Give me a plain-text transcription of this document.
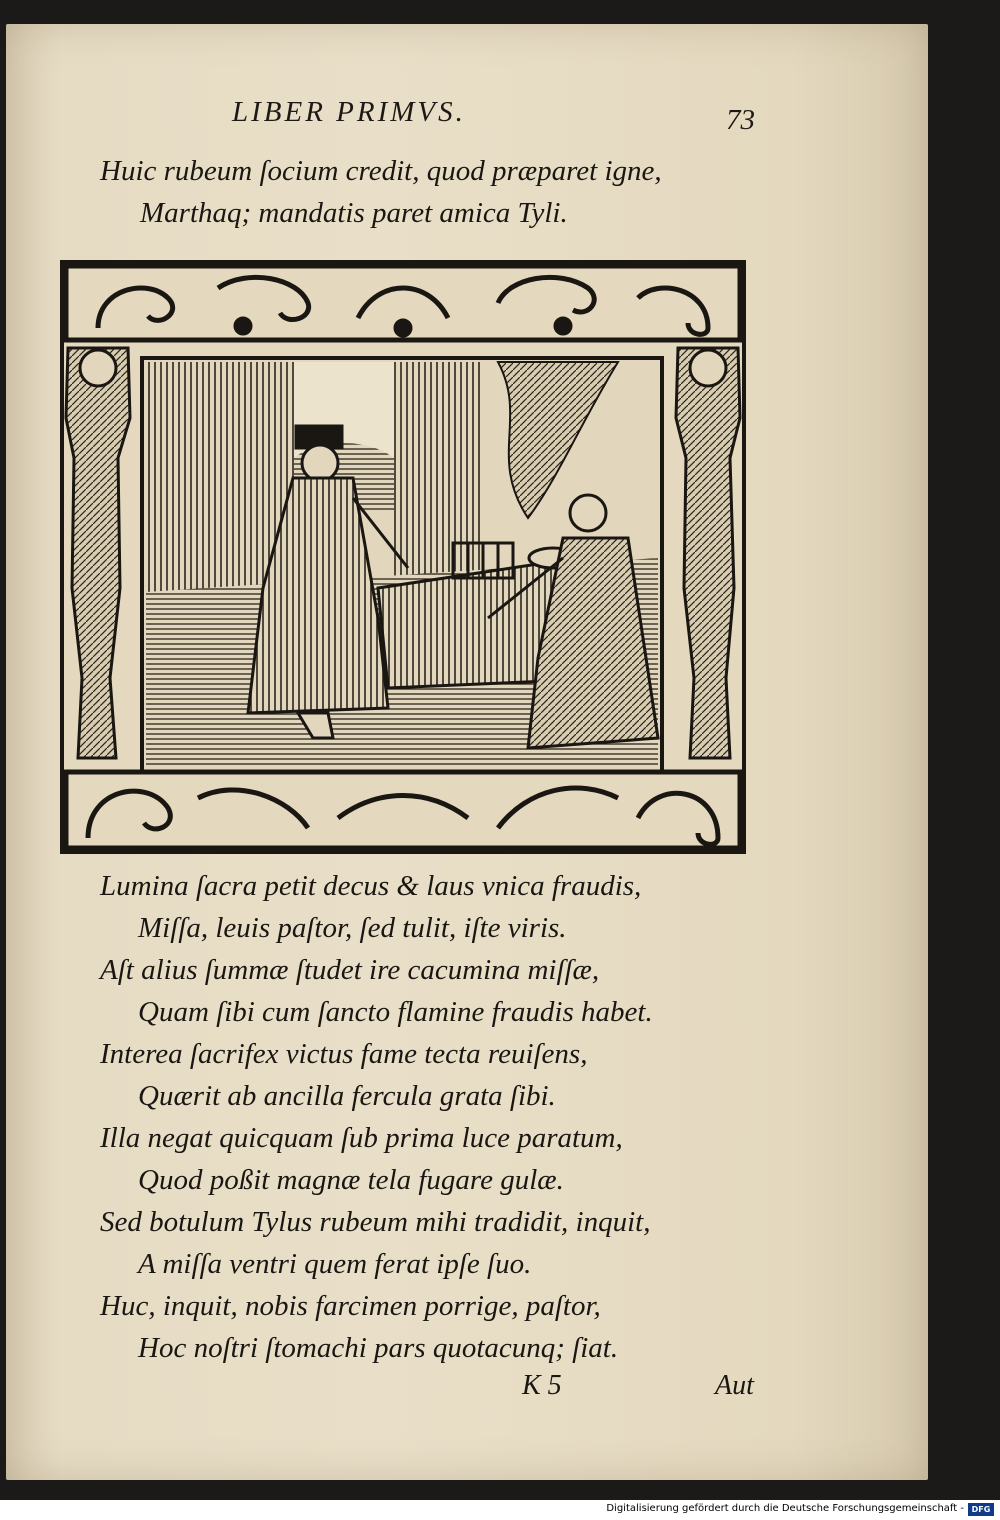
LIBER PRIMVS.	73

Huic rubeum ſocium credit, quod præparet igne,

Marthaq; mandatis paret amica Tyli.

Lumina ſacra petit decus & laus vnica fraudis,

Miſſa, leuis paſtor, ſed tulit, iſte viris.

Aſt alius ſummæ ſtudet ire cacumina miſſæ,

Quam ſibi cum ſancto flamine fraudis habet.

Interea ſacrifex victus fame tecta reuiſens,

Quærit ab ancilla fercula grata ſibi.

Illa negat quicquam ſub prima luce paratum,

Quod poßit magnæ tela fugare gulæ.

Sed botulum Tylus rubeum mihi tradidit, inquit,

A miſſa ventri quem ferat ipſe ſuo.

Huc, inquit, nobis farcimen porrige, paſtor,

Hoc noſtri ſtomachi pars quotacunq; ſiat.

K 5	Aut
Digitalisierung gefördert durch die Deutsche Forschungsgemeinschaft - DFG
